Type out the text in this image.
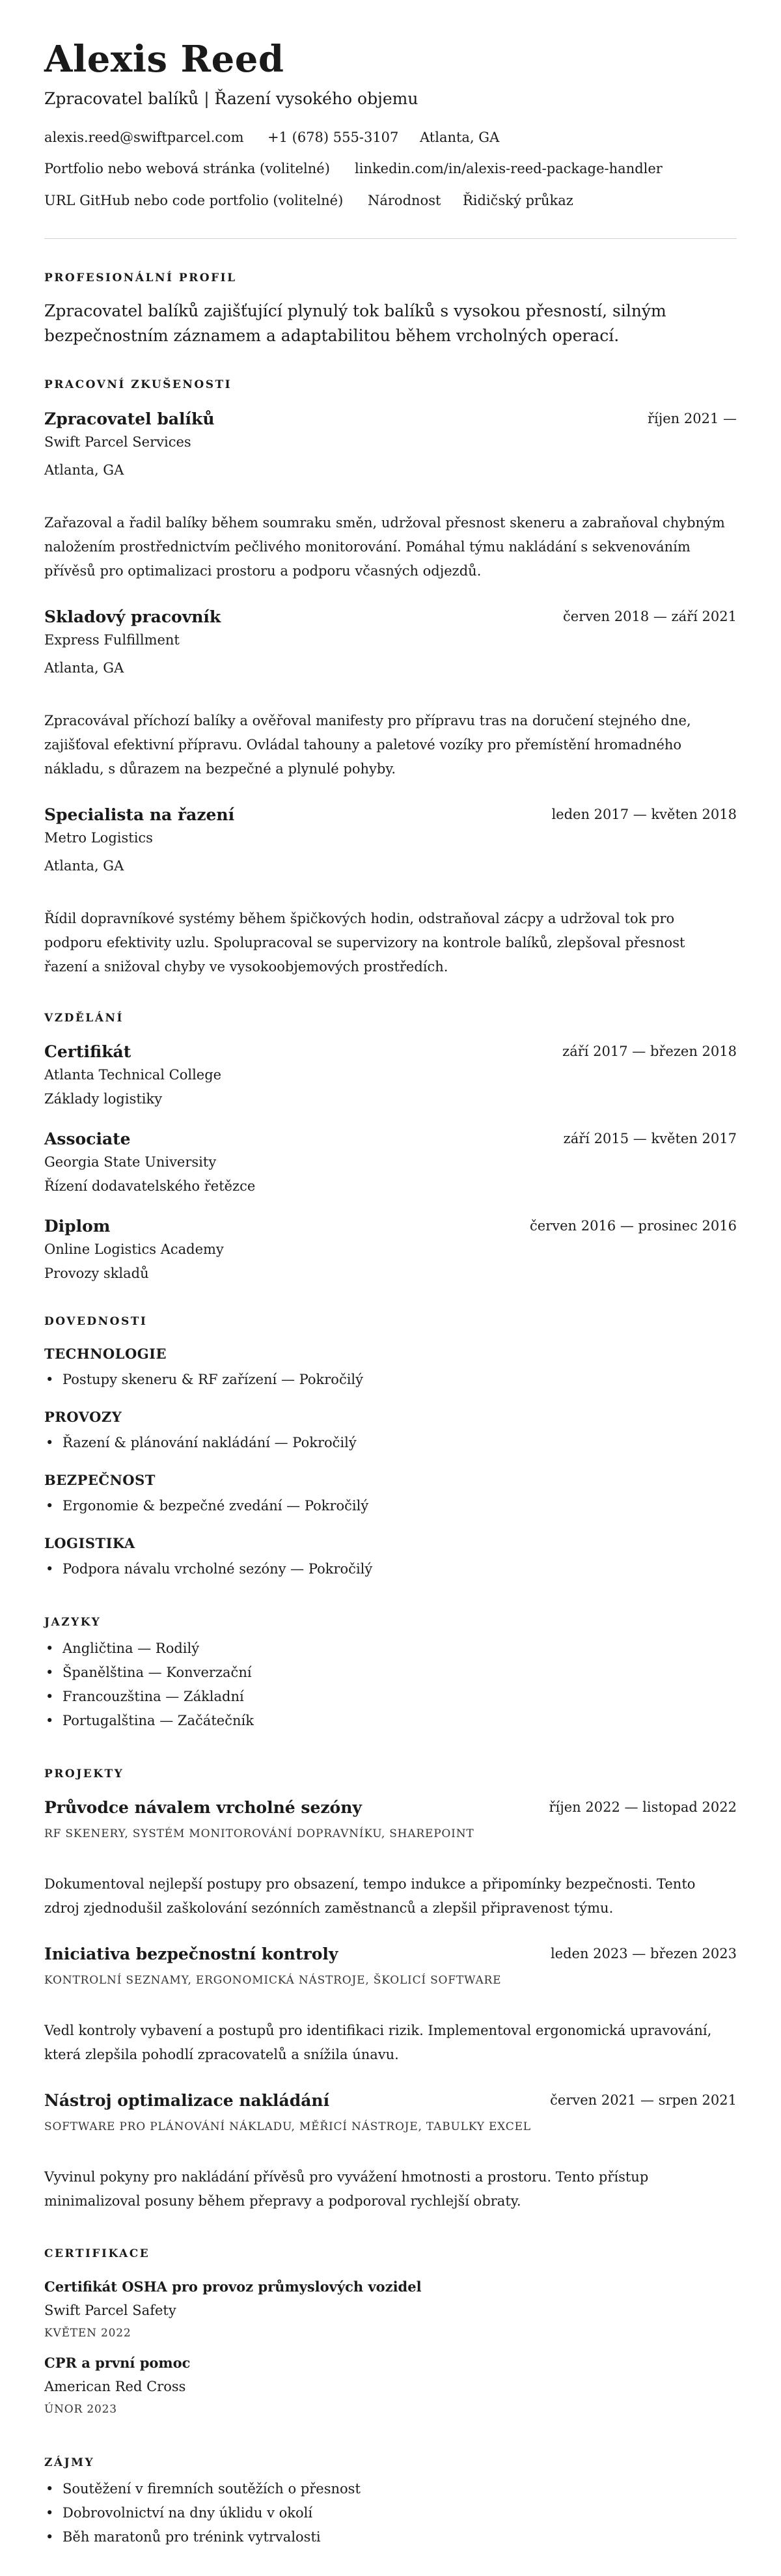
Alexis Reed
Zpracovatel balíků | Řazení vysokého objemu
alexis.reed@swiftparcel.com +1 (678) 555-3107 Atlanta, GA
Portfolio nebo webová stránka (volitelné) linkedin.com/in/alexis-reed-package-handler
URL GitHub nebo code portfolio (volitelné) Národnost Řidičský průkaz
PROFESIONÁLNÍ PROFIL
Zpracovatel balíků zajišťující plynulý tok balíků s vysokou přesností, silným
bezpečnostním záznamem a adaptabilitou během vrcholných operací.
PRACOVNÍ ZKUŠENOSTI
Zpracovatel balíků	říjen 2021 —
Swift Parcel Services
Atlanta, GA
Zařazoval a řadil balíky během soumraku směn, udržoval přesnost skeneru a zabraňoval chybným
naložením prostřednictvím pečlivého monitorování. Pomáhal týmu nakládání s sekvenováním
přívěsů pro optimalizaci prostoru a podporu včasných odjezdů.
Skladový pracovník	červen 2018 — září 2021
Express Fulfillment
Atlanta, GA
Zpracovával příchozí balíky a ověřoval manifesty pro přípravu tras na doručení stejného dne,
zajišťoval efektivní přípravu. Ovládal tahouny a paletové vozíky pro přemístění hromadného
nákladu, s důrazem na bezpečné a plynulé pohyby.
Specialista na řazení	leden 2017 — květen 2018
Metro Logistics
Atlanta, GA
Řídil dopravníkové systémy během špičkových hodin, odstraňoval zácpy a udržoval tok pro
podporu efektivity uzlu. Spolupracoval se supervizory na kontrole balíků, zlepšoval přesnost
řazení a snižoval chyby ve vysokoobjemových prostředích.
VZDĚLÁNÍ
Certifikát	září 2017 — březen 2018
Atlanta Technical College
Základy logistiky
Associate	září 2015 — květen 2017
Georgia State University
Řízení dodavatelského řetězce
Diplom	červen 2016 — prosinec 2016
Online Logistics Academy
Provozy skladů
DOVEDNOSTI
TECHNOLOGIE
• Postupy skeneru & RF zařízení — Pokročilý
PROVOZY
• Řazení & plánování nakládání — Pokročilý
BEZPEČNOST
• Ergonomie & bezpečné zvedání — Pokročilý
LOGISTIKA
• Podpora návalu vrcholné sezóny — Pokročilý
JAZYKY
• Angličtina — Rodilý
• Španělština — Konverzační
• Francouzština — Základní
• Portugalština — Začátečník
PROJEKTY
Průvodce návalem vrcholné sezóny	říjen 2022 — listopad 2022
RF SKENERY, SYSTÉM MONITOROVÁNÍ DOPRAVNÍKU, SHAREPOINT
Dokumentoval nejlepší postupy pro obsazení, tempo indukce a připomínky bezpečnosti. Tento
zdroj zjednodušil zaškolování sezónních zaměstnanců a zlepšil připravenost týmu.
Iniciativa bezpečnostní kontroly	leden 2023 — březen 2023
KONTROLNÍ SEZNAMY, ERGONOMICKÁ NÁSTROJE, ŠKOLICÍ SOFTWARE
Vedl kontroly vybavení a postupů pro identifikaci rizik. Implementoval ergonomická upravování,
která zlepšila pohodlí zpracovatelů a snížila únavu.
Nástroj optimalizace nakládání	červen 2021 — srpen 2021
SOFTWARE PRO PLÁNOVÁNÍ NÁKLADU, MĚŘICÍ NÁSTROJE, TABULKY EXCEL
Vyvinul pokyny pro nakládání přívěsů pro vyvážení hmotnosti a prostoru. Tento přístup
minimalizoval posuny během přepravy a podporoval rychlejší obraty.
CERTIFIKACE
Certifikát OSHA pro provoz průmyslových vozidel
Swift Parcel Safety
KVĚTEN 2022
CPR a první pomoc
American Red Cross
ÚNOR 2023
ZÁJMY
• Soutěžení v firemních soutěžích o přesnost
• Dobrovolnictví na dny úklidu v okolí
• Běh maratonů pro trénink vytrvalosti
